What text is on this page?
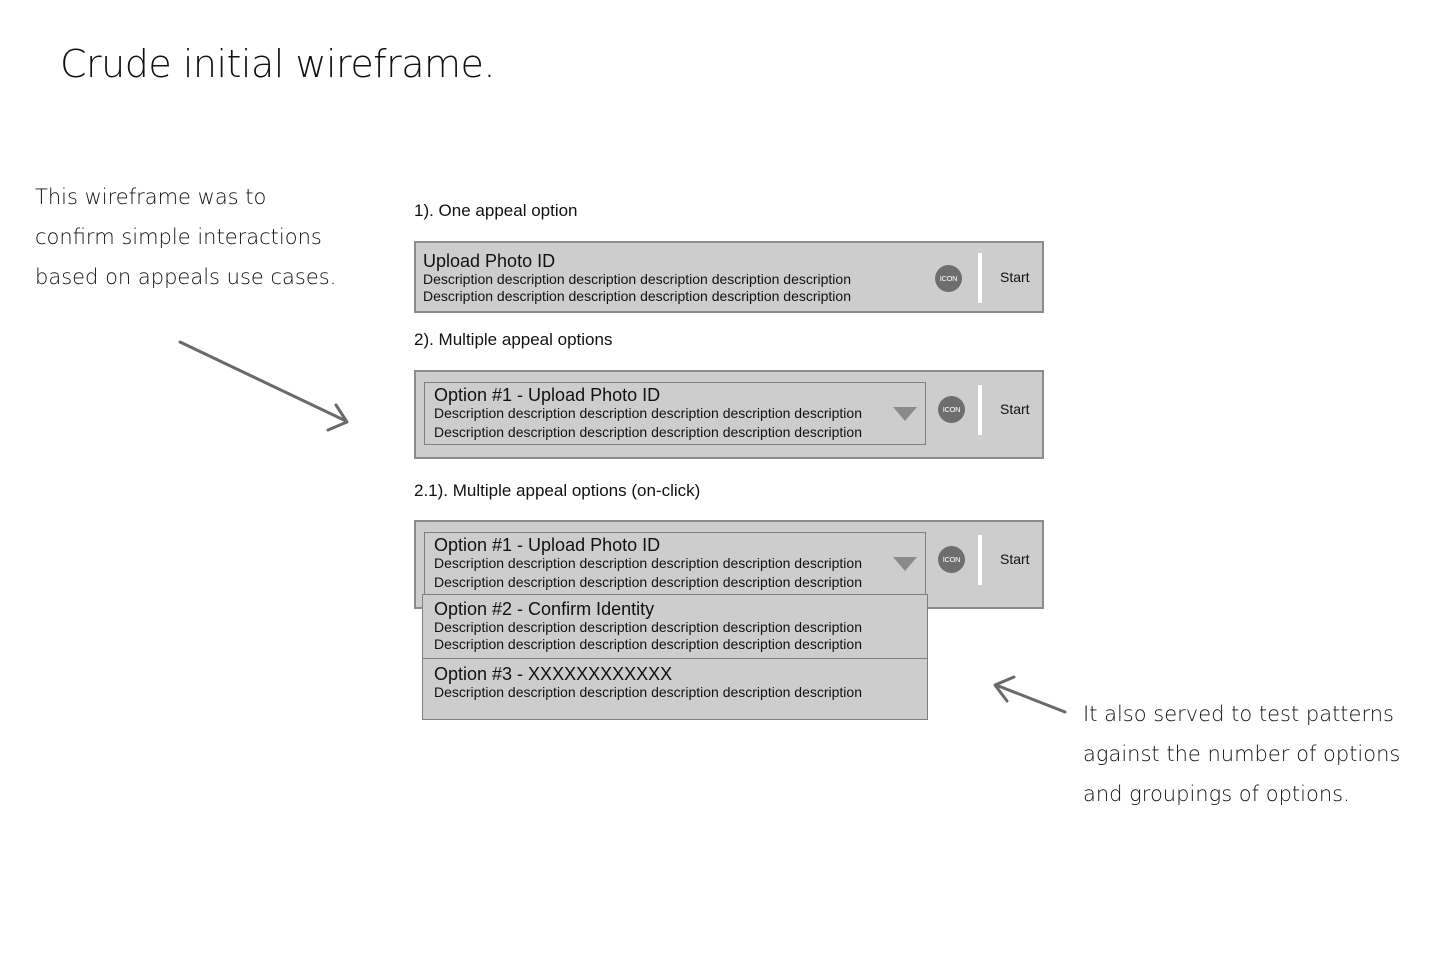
Crude initial wireframe.
This wireframe was to
confirm simple interactions
based on appeals use cases.
1). One appeal option
Upload Photo ID
Description description description description description description
Description description description description description description
ICON	Start
2). Multiple appeal options
Option #1 - Upload Photo ID
Description description description description description description
Description description description description description description
ICON	Start
2.1). Multiple appeal options (on-click)
Option #1 - Upload Photo ID
Description description description description description description
Description description description description description description
ICON	Start
Option #2 - Confirm Identity
Description description description description description description
Description description description description description description
Option #3 - XXXXXXXXXXXX
Description description description description description description
It also served to test patterns
against the number of options
and groupings of options.
